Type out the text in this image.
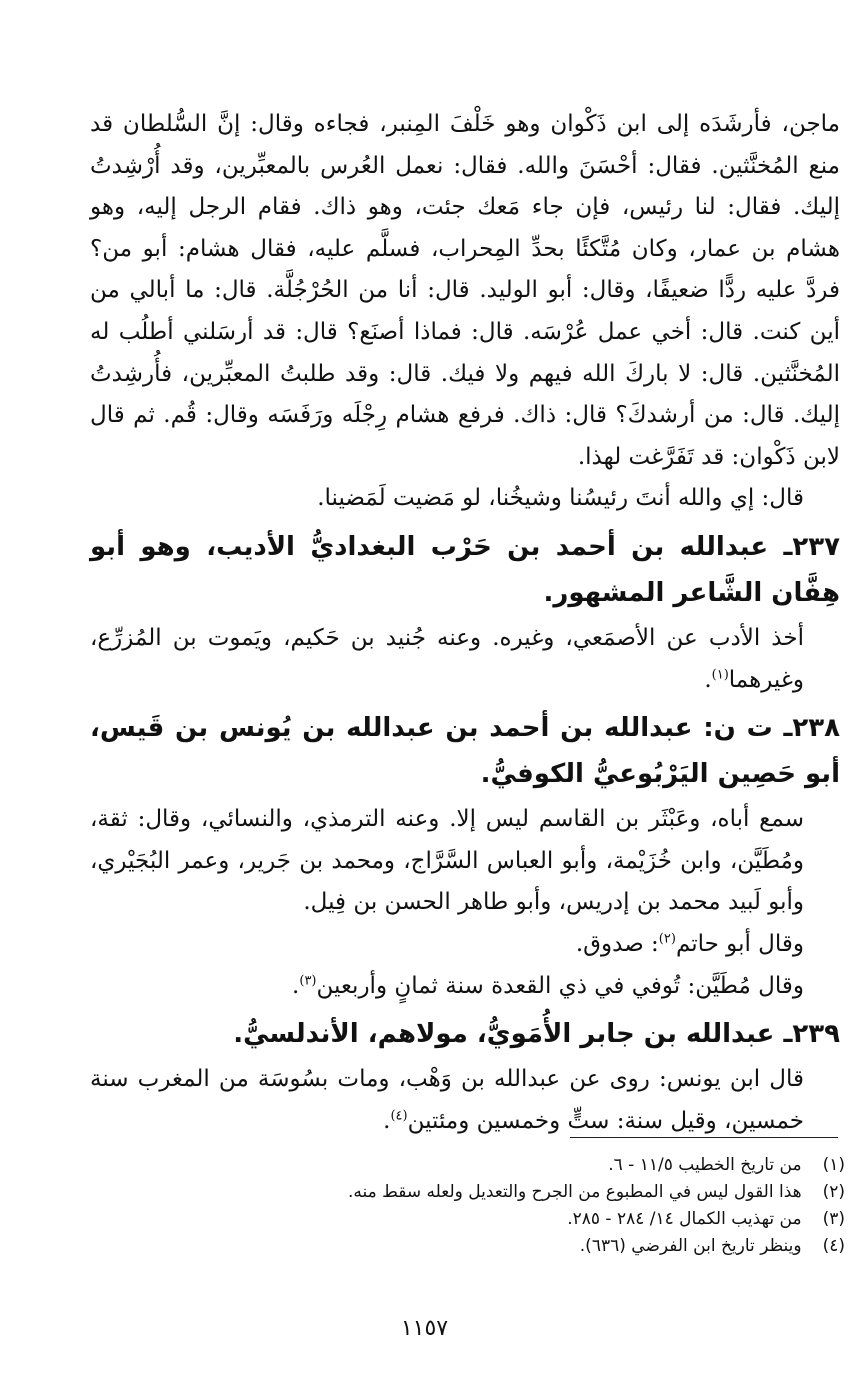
ماجن، فأرشَدَه إلى ابن ذَكْوان وهو خَلْفَ المِنبر، فجاءه وقال: إنَّ السُّلطان قد منع المُخنَّثين. فقال: أحْسَنَ والله. فقال: نعمل العُرس بالمعبِّرين، وقد أُرْشِدتُ إليك. فقال: لنا رئيس، فإن جاء مَعك جئت، وهو ذاك. فقام الرجل إليه، وهو هشام بن عمار، وكان مُتَّكئًا بحدِّ المِحراب، فسلَّم عليه، فقال هشام: أبو من؟ فردَّ عليه ردًّا ضعيفًا، وقال: أبو الوليد. قال: أنا من الحُرْجُلَّة. قال: ما أبالي من أين كنت. قال: أخي عمل عُرْسَه. قال: فماذا أصنَع؟ قال: قد أرسَلني أطلُب له المُخنَّثين. قال: لا باركَ الله فيهم ولا فيك. قال: وقد طلبتُ المعبِّرين، فأُرشِدتُ إليك. قال: من أرشدكَ؟ قال: ذاك. فرفع هشام رِجْلَه ورَفَسَه وقال: قُم. ثم قال لابن ذَكْوان: قد تَفَرَّغت لهذا.

قال: إي والله أنتَ رئيسُنا وشيخُنا، لو مَضيت لَمَضينا.

٢٣٧ـ عبدالله بن أحمد بن حَرْب البغداديُّ الأديب، وهو أبو هِفَّان الشَّاعر المشهور.

أخذ الأدب عن الأصمَعي، وغيره. وعنه جُنيد بن حَكيم، ويَموت بن المُزرِّع، وغيرهما$^{(١)}$.

٢٣٨ـ ت ن: عبدالله بن أحمد بن عبدالله بن يُونس بن قَيس، أبو حَصِين اليَرْبُوعيُّ الكوفيُّ.

سمع أباه، وعَبْثَر بن القاسم ليس إلا. وعنه الترمذي، والنسائي، وقال: ثقة، ومُطَيَّن، وابن خُزَيْمة، وأبو العباس السَّرَّاج، ومحمد بن جَرير، وعمر البُجَيْري، وأبو لَبيد محمد بن إدريس، وأبو طاهر الحسن بن فِيل.

وقال أبو حاتم$^{(٢)}$: صدوق.

وقال مُطَيَّن: تُوفي في ذي القعدة سنة ثمانٍ وأربعين$^{(٣)}$.

٢٣٩ـ عبدالله بن جابر الأُمَويُّ، مولاهم، الأندلسيُّ.

قال ابن يونس: روى عن عبدالله بن وَهْب، ومات بسُوسَة من المغرب سنة خمسين، وقيل سنة: ستٍّ وخمسين ومئتين$^{(٤)}$.

(١) من تاريخ الخطيب ١١/٥ - ٦.
(٢) هذا القول ليس في المطبوع من الجرح والتعديل ولعله سقط منه.
(٣) من تهذيب الكمال ١٤/ ٢٨٤ - ٢٨٥.
(٤) وينظر تاريخ ابن الفرضي (٦٣٦).
١١٥٧
